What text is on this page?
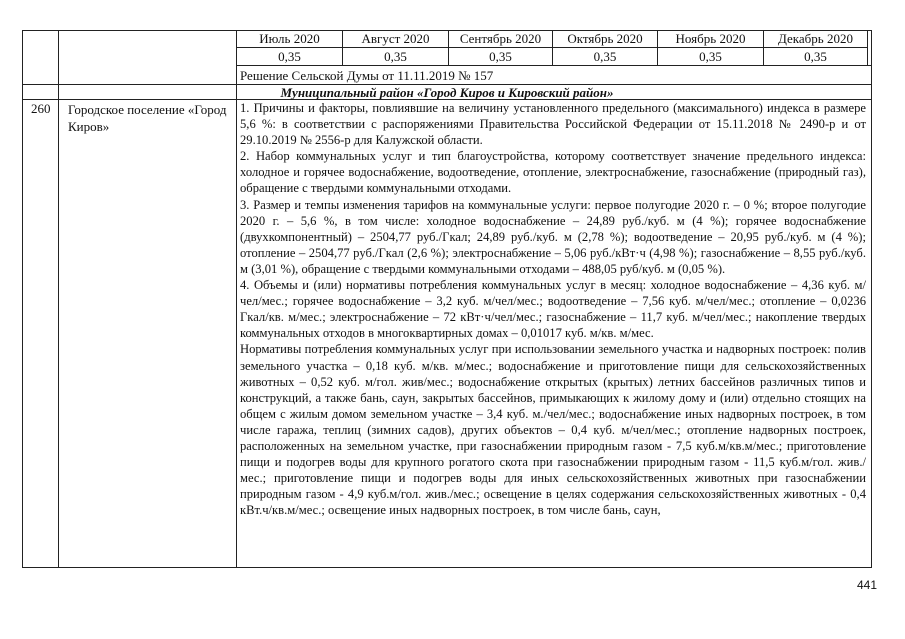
Июль 2020
0,35
Август 2020
0,35
Сентябрь 2020
0,35
Октябрь 2020
0,35
Ноябрь 2020
0,35
Декабрь 2020
0,35
Решение Сельской Думы от 11.11.2019 № 157
Муниципальный район «Город Киров и Кировский район»
260 Городское поселение «Город Киров»

1. Причины и факторы, повлиявшие на величину установленного предельного (максимального) индекса в размере 5,6 %: в соответствии с распоряжениями Правительства Российской Федерации от 15.11.2018 № 2490-р и от 29.10.2019 № 2556-р для Калужской области.

2. Набор коммунальных услуг и тип благоустройства, которому соответствует значение предельного индекса: холодное и горячее водоснабжение, водоотведение, отопление, электроснабжение, газоснабжение (природный газ), обращение с твердыми коммунальными отходами.

3. Размер и темпы изменения тарифов на коммунальные услуги: первое полугодие 2020 г. – 0 %; второе полугодие 2020 г. – 5,6 %, в том числе: холодное водоснабжение – 24,89 руб./куб. м (4 %); горячее водоснабжение (двухкомпонентный) – 2504,77 руб./Гкал; 24,89 руб./куб. м (2,78 %); водоотведение – 20,95 руб./куб. м (4 %); отопление – 2504,77 руб./Гкал (2,6 %); электроснабжение – 5,06 руб./кВт·ч (4,98 %); газоснабжение – 8,55 руб./куб. м (3,01 %), обращение с твердыми коммунальными отходами – 488,05 руб/куб. м (0,05 %).

4. Объемы и (или) нормативы потребления коммунальных услуг в месяц: холодное водоснабжение – 4,36 куб. м/чел/мес.; горячее водоснабжение – 3,2 куб. м/чел/мес.; водоотведение – 7,56 куб. м/чел/мес.; отопление – 0,0236 Гкал/кв. м/мес.; электроснабжение – 72 кВт·ч/чел/мес.; газоснабжение – 11,7 куб. м/чел/мес.; накопление твердых коммунальных отходов в многоквартирных домах – 0,01017 куб. м/кв. м/мес.

Нормативы потребления коммунальных услуг при использовании земельного участка и надворных построек: полив земельного участка – 0,18 куб. м/кв. м/мес.; водоснабжение и приготовление пищи для сельскохозяйственных животных – 0,52 куб. м/гол. жив/мес.; водоснабжение открытых (крытых) летних бассейнов различных типов и конструкций, а также бань, саун, закрытых бассейнов, примыкающих к жилому дому и (или) отдельно стоящих на общем с жилым домом земельном участке – 3,4 куб. м./чел/мес.; водоснабжение иных надворных построек, в том числе гаража, теплиц (зимних садов), других объектов – 0,4 куб. м/чел/мес.; отопление надворных построек, расположенных на земельном участке, при газоснабжении природным газом - 7,5 куб.м/кв.м/мес.; приготовление пищи и подогрев воды для крупного рогатого скота при газоснабжении природным газом - 11,5 куб.м/гол. жив./мес.; приготовление пищи и подогрев воды для иных сельскохозяйственных животных при газоснабжении природным газом - 4,9 куб.м/гол. жив./мес.; освещение в целях содержания сельскохозяйственных животных - 0,4 кВт.ч/кв.м/мес.; освещение иных надворных построек, в том числе бань, саун,

441
